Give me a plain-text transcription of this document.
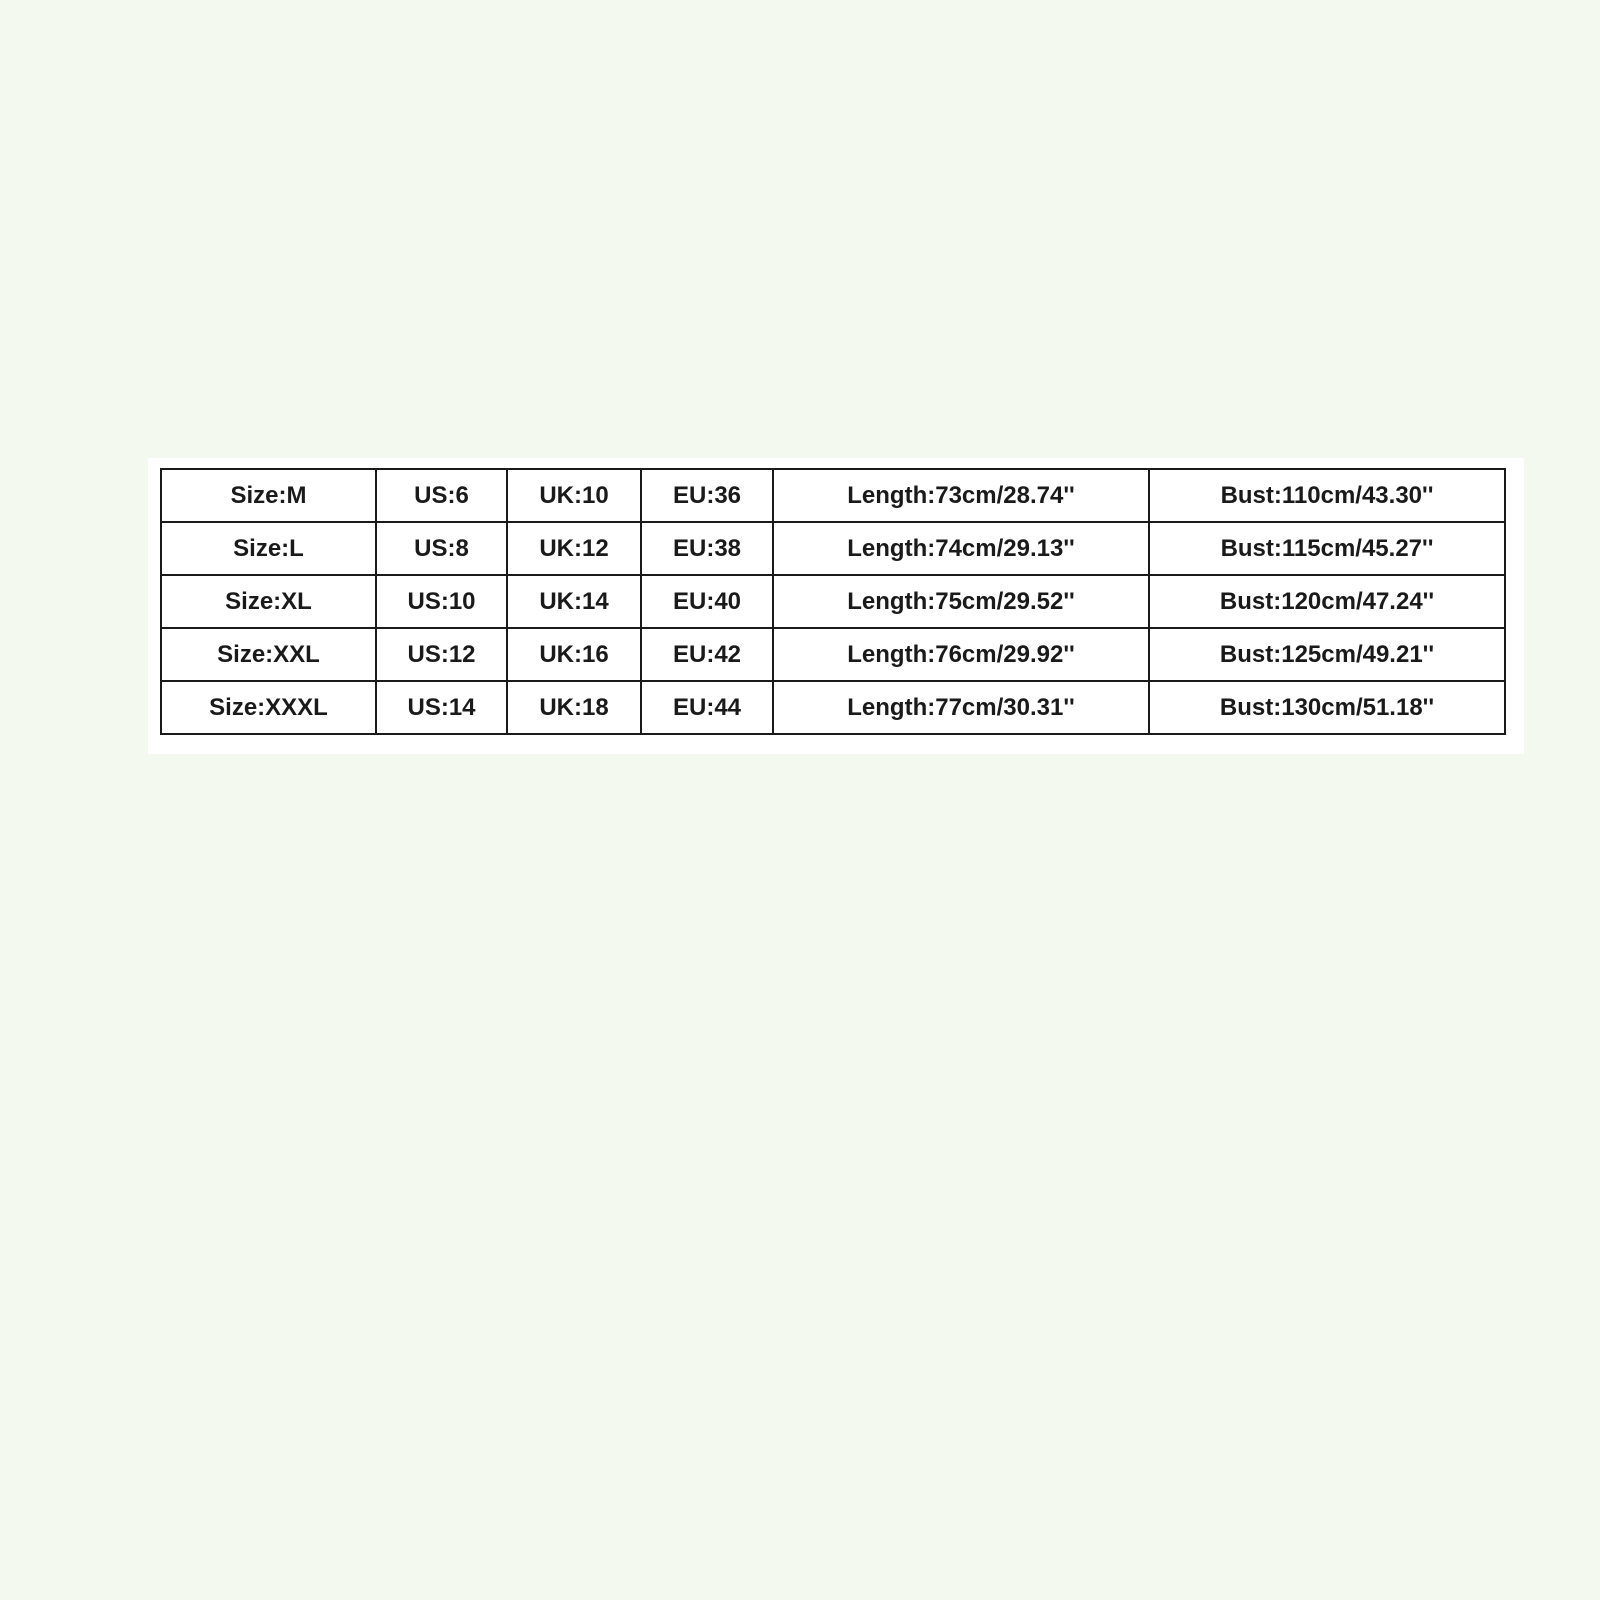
Size:M	US:6	UK:10	EU:36	Length:73cm/28.74''	Bust:110cm/43.30''
Size:L	US:8	UK:12	EU:38	Length:74cm/29.13''	Bust:115cm/45.27''
Size:XL	US:10	UK:14	EU:40	Length:75cm/29.52''	Bust:120cm/47.24''
Size:XXL	US:12	UK:16	EU:42	Length:76cm/29.92''	Bust:125cm/49.21''
Size:XXXL	US:14	UK:18	EU:44	Length:77cm/30.31''	Bust:130cm/51.18''
